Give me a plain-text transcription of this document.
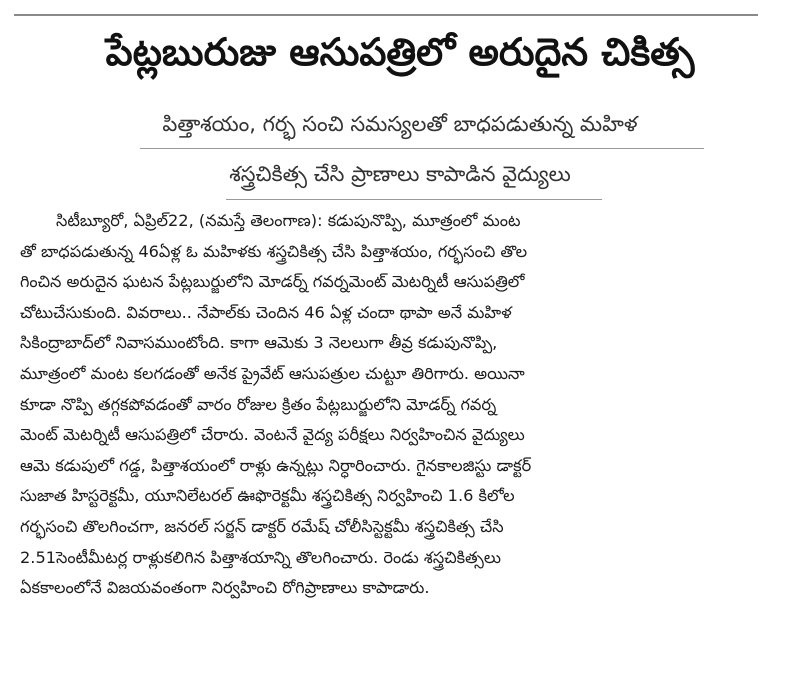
పేట్లబురుజు ఆసుపత్రిలో అరుదైన చికిత్స
పిత్తాశయం, గర్భ సంచి సమస్యలతో బాధపడుతున్న మహిళ
శస్త్రచికిత్స చేసి ప్రాణాలు కాపాడిన వైద్యులు
సిటీబ్యూరో, ఏప్రిల్22, (నమస్తే తెలంగాణ): కడుపునొప్పి, మూత్రంలో మంట
తో బాధపడుతున్న 46ఏళ్ల ఓ మహిళకు శస్త్రచికిత్స చేసి పిత్తాశయం, గర్భసంచి తొల
గించిన అరుదైన ఘటన పేట్లబుర్జులోని మోడర్న్ గవర్నమెంట్ మెటర్నిటీ ఆసుపత్రిలో
చోటుచేసుకుంది. వివరాలు.. నేపాల్‌కు చెందిన 46 ఏళ్ల చందా థాపా అనే మహిళ
సికింద్రాబాద్‌లో నివాసముంటోంది. కాగా ఆమెకు 3 నెలలుగా తీవ్ర కడుపునొప్పి,
మూత్రంలో మంట కలగడంతో అనేక ప్రైవేట్ ఆసుపత్రుల చుట్టూ తిరిగారు. అయినా
కూడా నొప్పి తగ్గకపోవడంతో వారం రోజుల క్రితం పేట్లబుర్జులోని మోడర్న్ గవర్న
మెంట్ మెటర్నిటీ ఆసుపత్రిలో చేరారు. వెంటనే వైద్య పరీక్షలు నిర్వహించిన వైద్యులు
ఆమె కడుపులో గడ్డ, పిత్తాశయంలో రాళ్లు ఉన్నట్లు నిర్ధారించారు. గైనకాలజిస్టు డాక్టర్
సుజాత హిస్టరెక్టమీ, యూనిలేటరల్ ఊఫొరెక్టమీ శస్త్రచికిత్స నిర్వహించి 1.6 కిలోల
గర్భసంచి తొలగించగా, జనరల్ సర్జన్ డాక్టర్ రమేష్ చోలీసిస్టెక్టమీ శస్త్రచికిత్స చేసి
2.51సెంటీమీటర్ల రాళ్లుకలిగిన పిత్తాశయాన్ని తొలగించారు. రెండు శస్త్రచికిత్సలు
ఏకకాలంలోనే విజయవంతంగా నిర్వహించి రోగిప్రాణాలు కాపాడారు.
